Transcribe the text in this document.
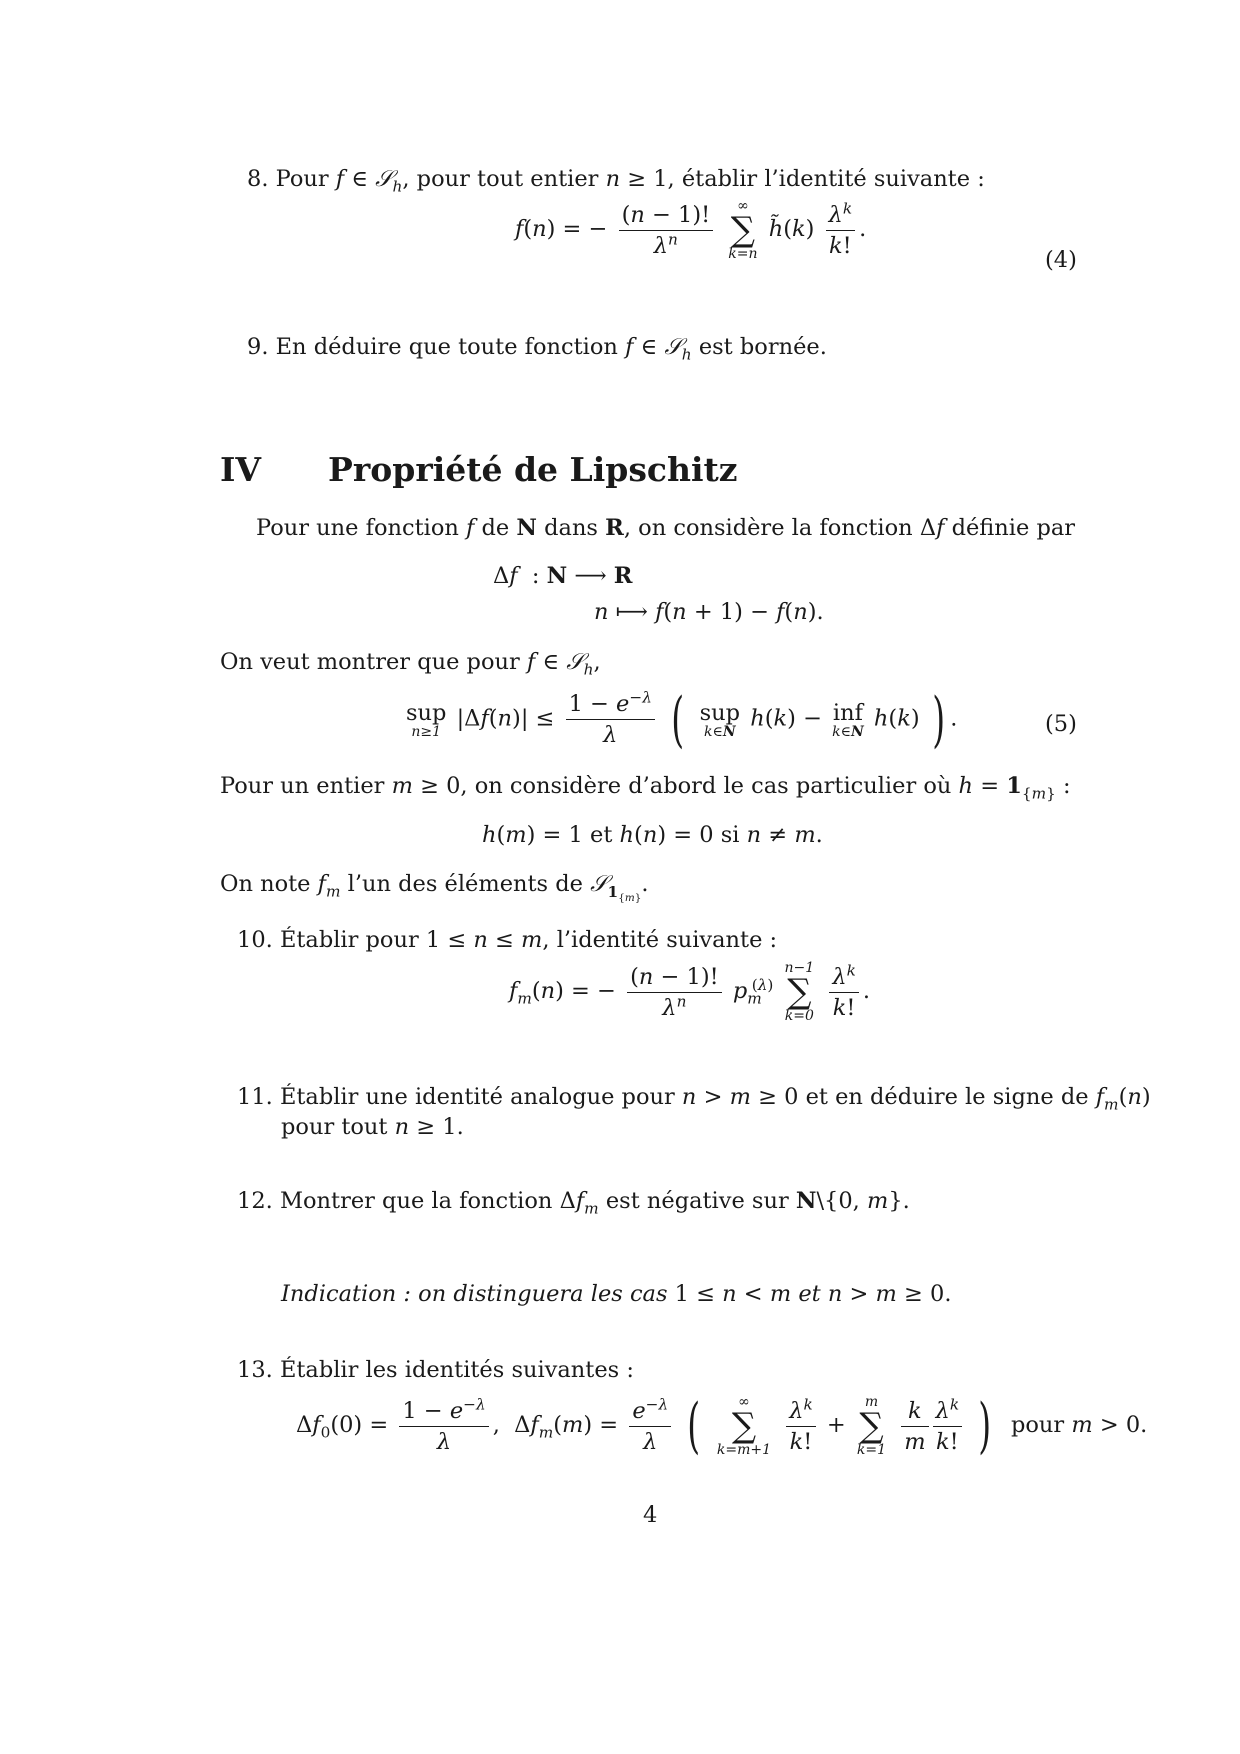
8. Pour f ∈ 𝒮$_h$, pour tout entier n ≥ 1, établir l’identité suivante :
f(n) = − $\frac{(n - 1)!}{\lambda^n}$
	∞
∑
k=n
h̃(k) $\frac{\lambda^k}{k!}$ .
(4)
9. En déduire que toute fonction f ∈ 𝒮$_h$ est bornée.
IV Propriété de Lipschitz
Pour une fonction f de N dans R, on considère la fonction Δf définie par
Δf  : N ⟶ R
n ⟼ f(n + 1) − f(n).
On veut montrer que pour f ∈ 𝒮$_h$,
sup
n≥1 $|\Delta f(n)| \le \frac{1 - e^{-\lambda}}{\lambda}$ ( sup
k∈N h(k) − inf
k∈N h(k) ) .	(5)
Pour un entier m ≥ 0, on considère d’abord le cas particulier où $h = 1_{\{m\}}$ :
h(m) = 1 et h(n) = 0 si n ≠ m.
On note $f_m$ l’un des éléments de 𝒮$_{1_{\{m\}}}$.
10. Établir pour 1 ≤ n ≤ m, l’identité suivante :
$f_m(n)$ = − $\frac{(n - 1)!}{\lambda^n} p_m^{(\lambda)}$
n−1
∑
k=0
$\frac{\lambda^k}{k!}$ .
11. Établir une identité analogue pour n > m ≥ 0 et en déduire le signe de $f_m(n)$
pour tout n ≥ 1.
12. Montrer que la fonction $\Delta f_m$ est négative sur N\{0, m}.
Indication : on distinguera les cas 1 ≤ n < m et n > m ≥ 0.
13. Établir les identités suivantes :
$\Delta f_0(0) = \frac{1 - e^{-\lambda}}{\lambda}$ ,  $\Delta f_m(m) = \frac{e^{-\lambda}}{\lambda}$ (	∞
∑
k=m+1
$\frac{\lambda^k}{k!}$ +
m
∑
k=1
$\frac{k}{m} \frac{\lambda^k}{k!}$ ) pour m > 0.
4
